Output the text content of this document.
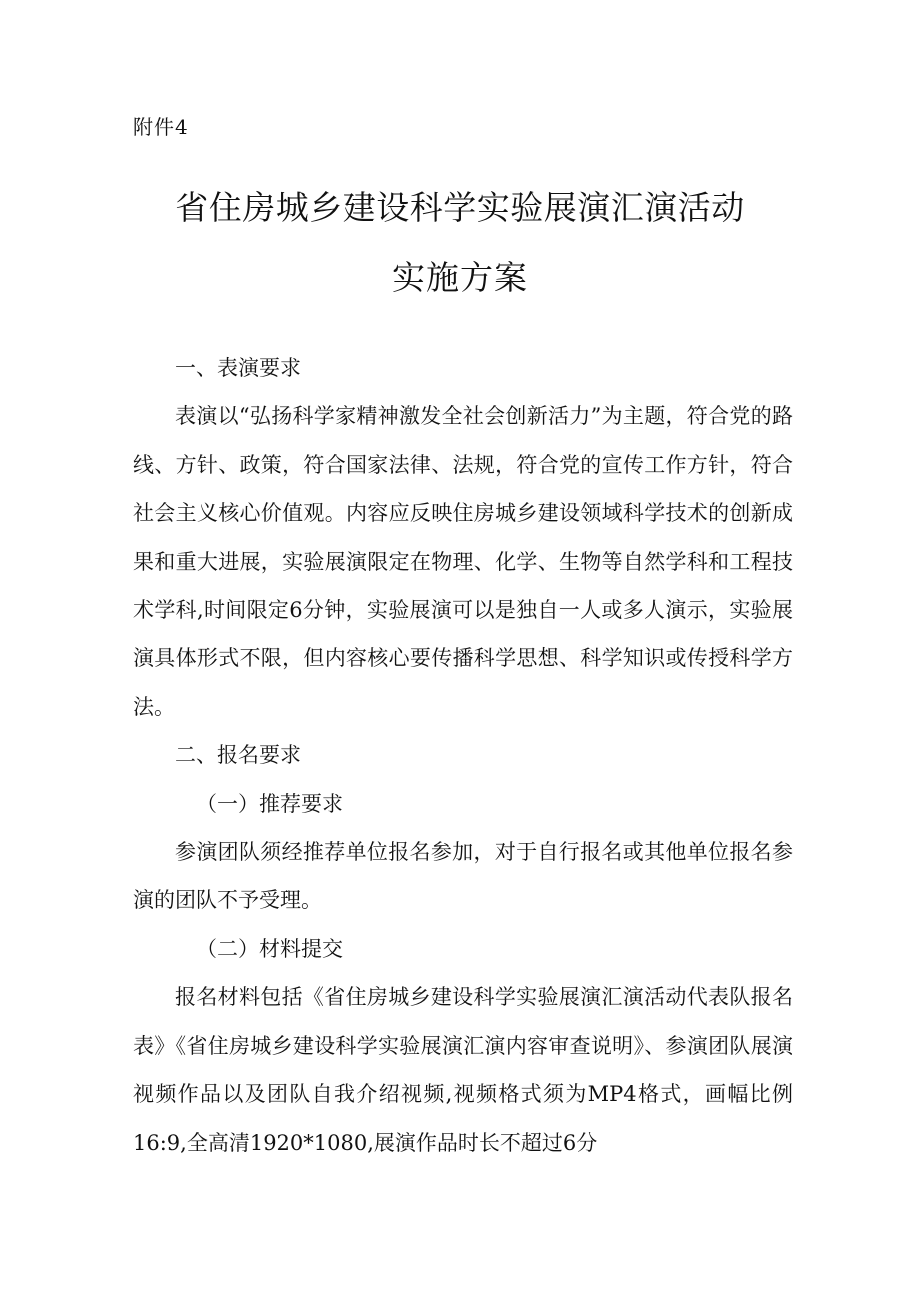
附件4
省住房城乡建设科学实验展演汇演活动
实施方案

一、表演要求

表演以“弘扬科学家精神激发全社会创新活力”为主题，符合党的路线、方针、政策，符合国家法律、法规，符合党的宣传工作方针，符合社会主义核心价值观。内容应反映住房城乡建设领域科学技术的创新成果和重大进展，实验展演限定在物理、化学、生物等自然学科和工程技术学科,时间限定6分钟，实验展演可以是独自一人或多人演示，实验展演具体形式不限，但内容核心要传播科学思想、科学知识或传授科学方法。

二、报名要求

（一）推荐要求

参演团队须经推荐单位报名参加，对于自行报名或其他单位报名参演的团队不予受理。

（二）材料提交

报名材料包括《省住房城乡建设科学实验展演汇演活动代表队报名表》《省住房城乡建设科学实验展演汇演内容审查说明》、参演团队展演视频作品以及团队自我介绍视频,视频格式须为MP4格式，画幅比例16:9,全高清1920*1080,展演作品时长不超过6分
